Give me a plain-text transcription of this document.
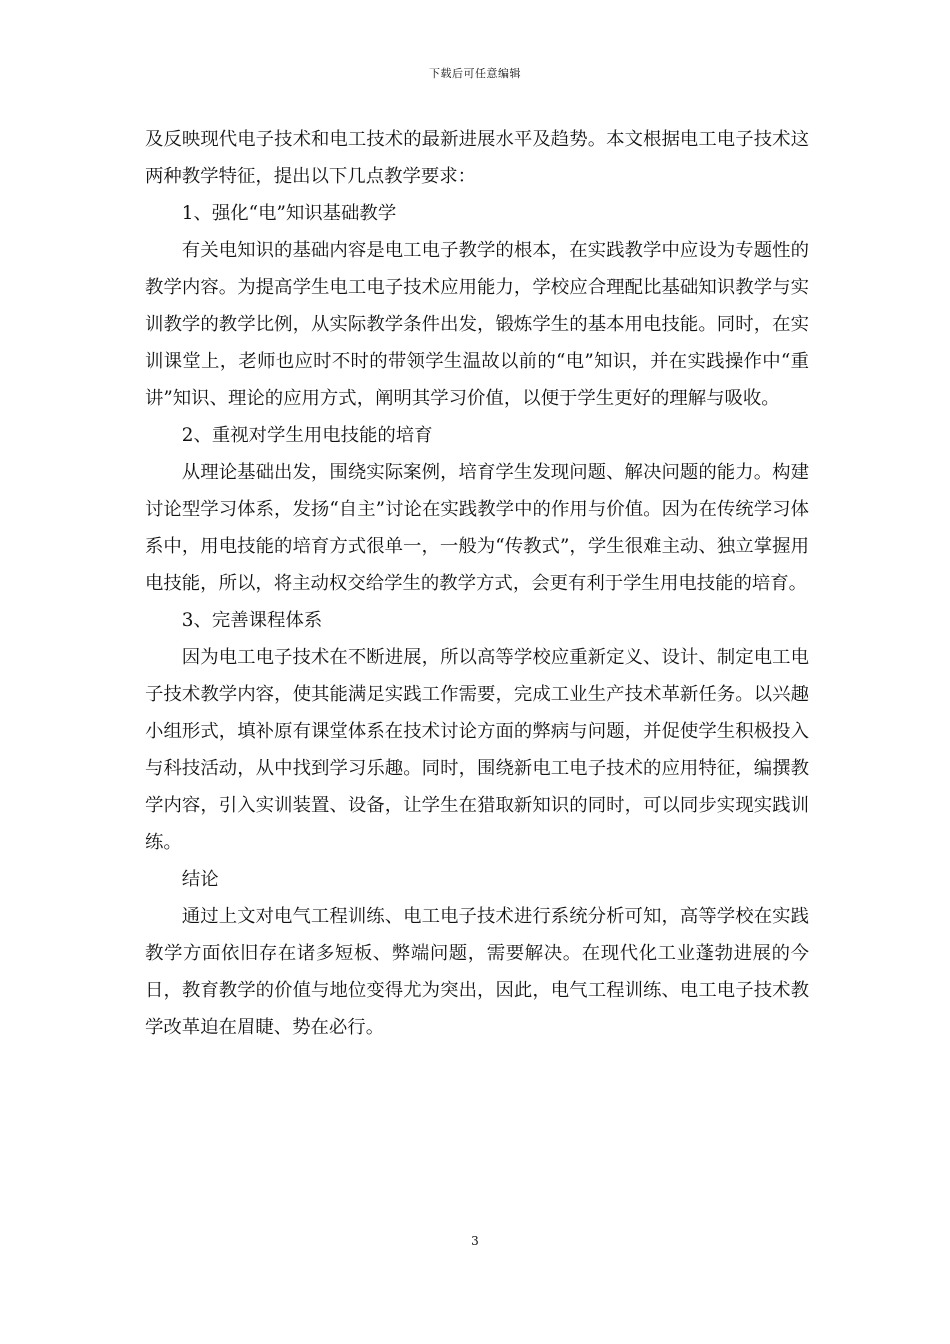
下载后可任意编辑

及反映现代电子技术和电工技术的最新进展水平及趋势。本文根据电工电子技术这两种教学特征，提出以下几点教学要求：

1、强化“电”知识基础教学

有关电知识的基础内容是电工电子教学的根本，在实践教学中应设为专题性的教学内容。为提高学生电工电子技术应用能力，学校应合理配比基础知识教学与实训教学的教学比例，从实际教学条件出发，锻炼学生的基本用电技能。同时，在实训课堂上，老师也应时不时的带领学生温故以前的“电”知识，并在实践操作中“重讲”知识、理论的应用方式，阐明其学习价值，以便于学生更好的理解与吸收。

2、重视对学生用电技能的培育

从理论基础出发，围绕实际案例，培育学生发现问题、解决问题的能力。构建讨论型学习体系，发扬“自主”讨论在实践教学中的作用与价值。因为在传统学习体系中，用电技能的培育方式很单一，一般为“传教式”，学生很难主动、独立掌握用电技能，所以，将主动权交给学生的教学方式，会更有利于学生用电技能的培育。

3、完善课程体系

因为电工电子技术在不断进展，所以高等学校应重新定义、设计、制定电工电子技术教学内容，使其能满足实践工作需要，完成工业生产技术革新任务。以兴趣小组形式，填补原有课堂体系在技术讨论方面的弊病与问题，并促使学生积极投入与科技活动，从中找到学习乐趣。同时，围绕新电工电子技术的应用特征，编撰教学内容，引入实训装置、设备，让学生在猎取新知识的同时，可以同步实现实践训练。

结论

通过上文对电气工程训练、电工电子技术进行系统分析可知，高等学校在实践教学方面依旧存在诸多短板、弊端问题，需要解决。在现代化工业蓬勃进展的今日，教育教学的价值与地位变得尤为突出，因此，电气工程训练、电工电子技术教学改革迫在眉睫、势在必行。

3
